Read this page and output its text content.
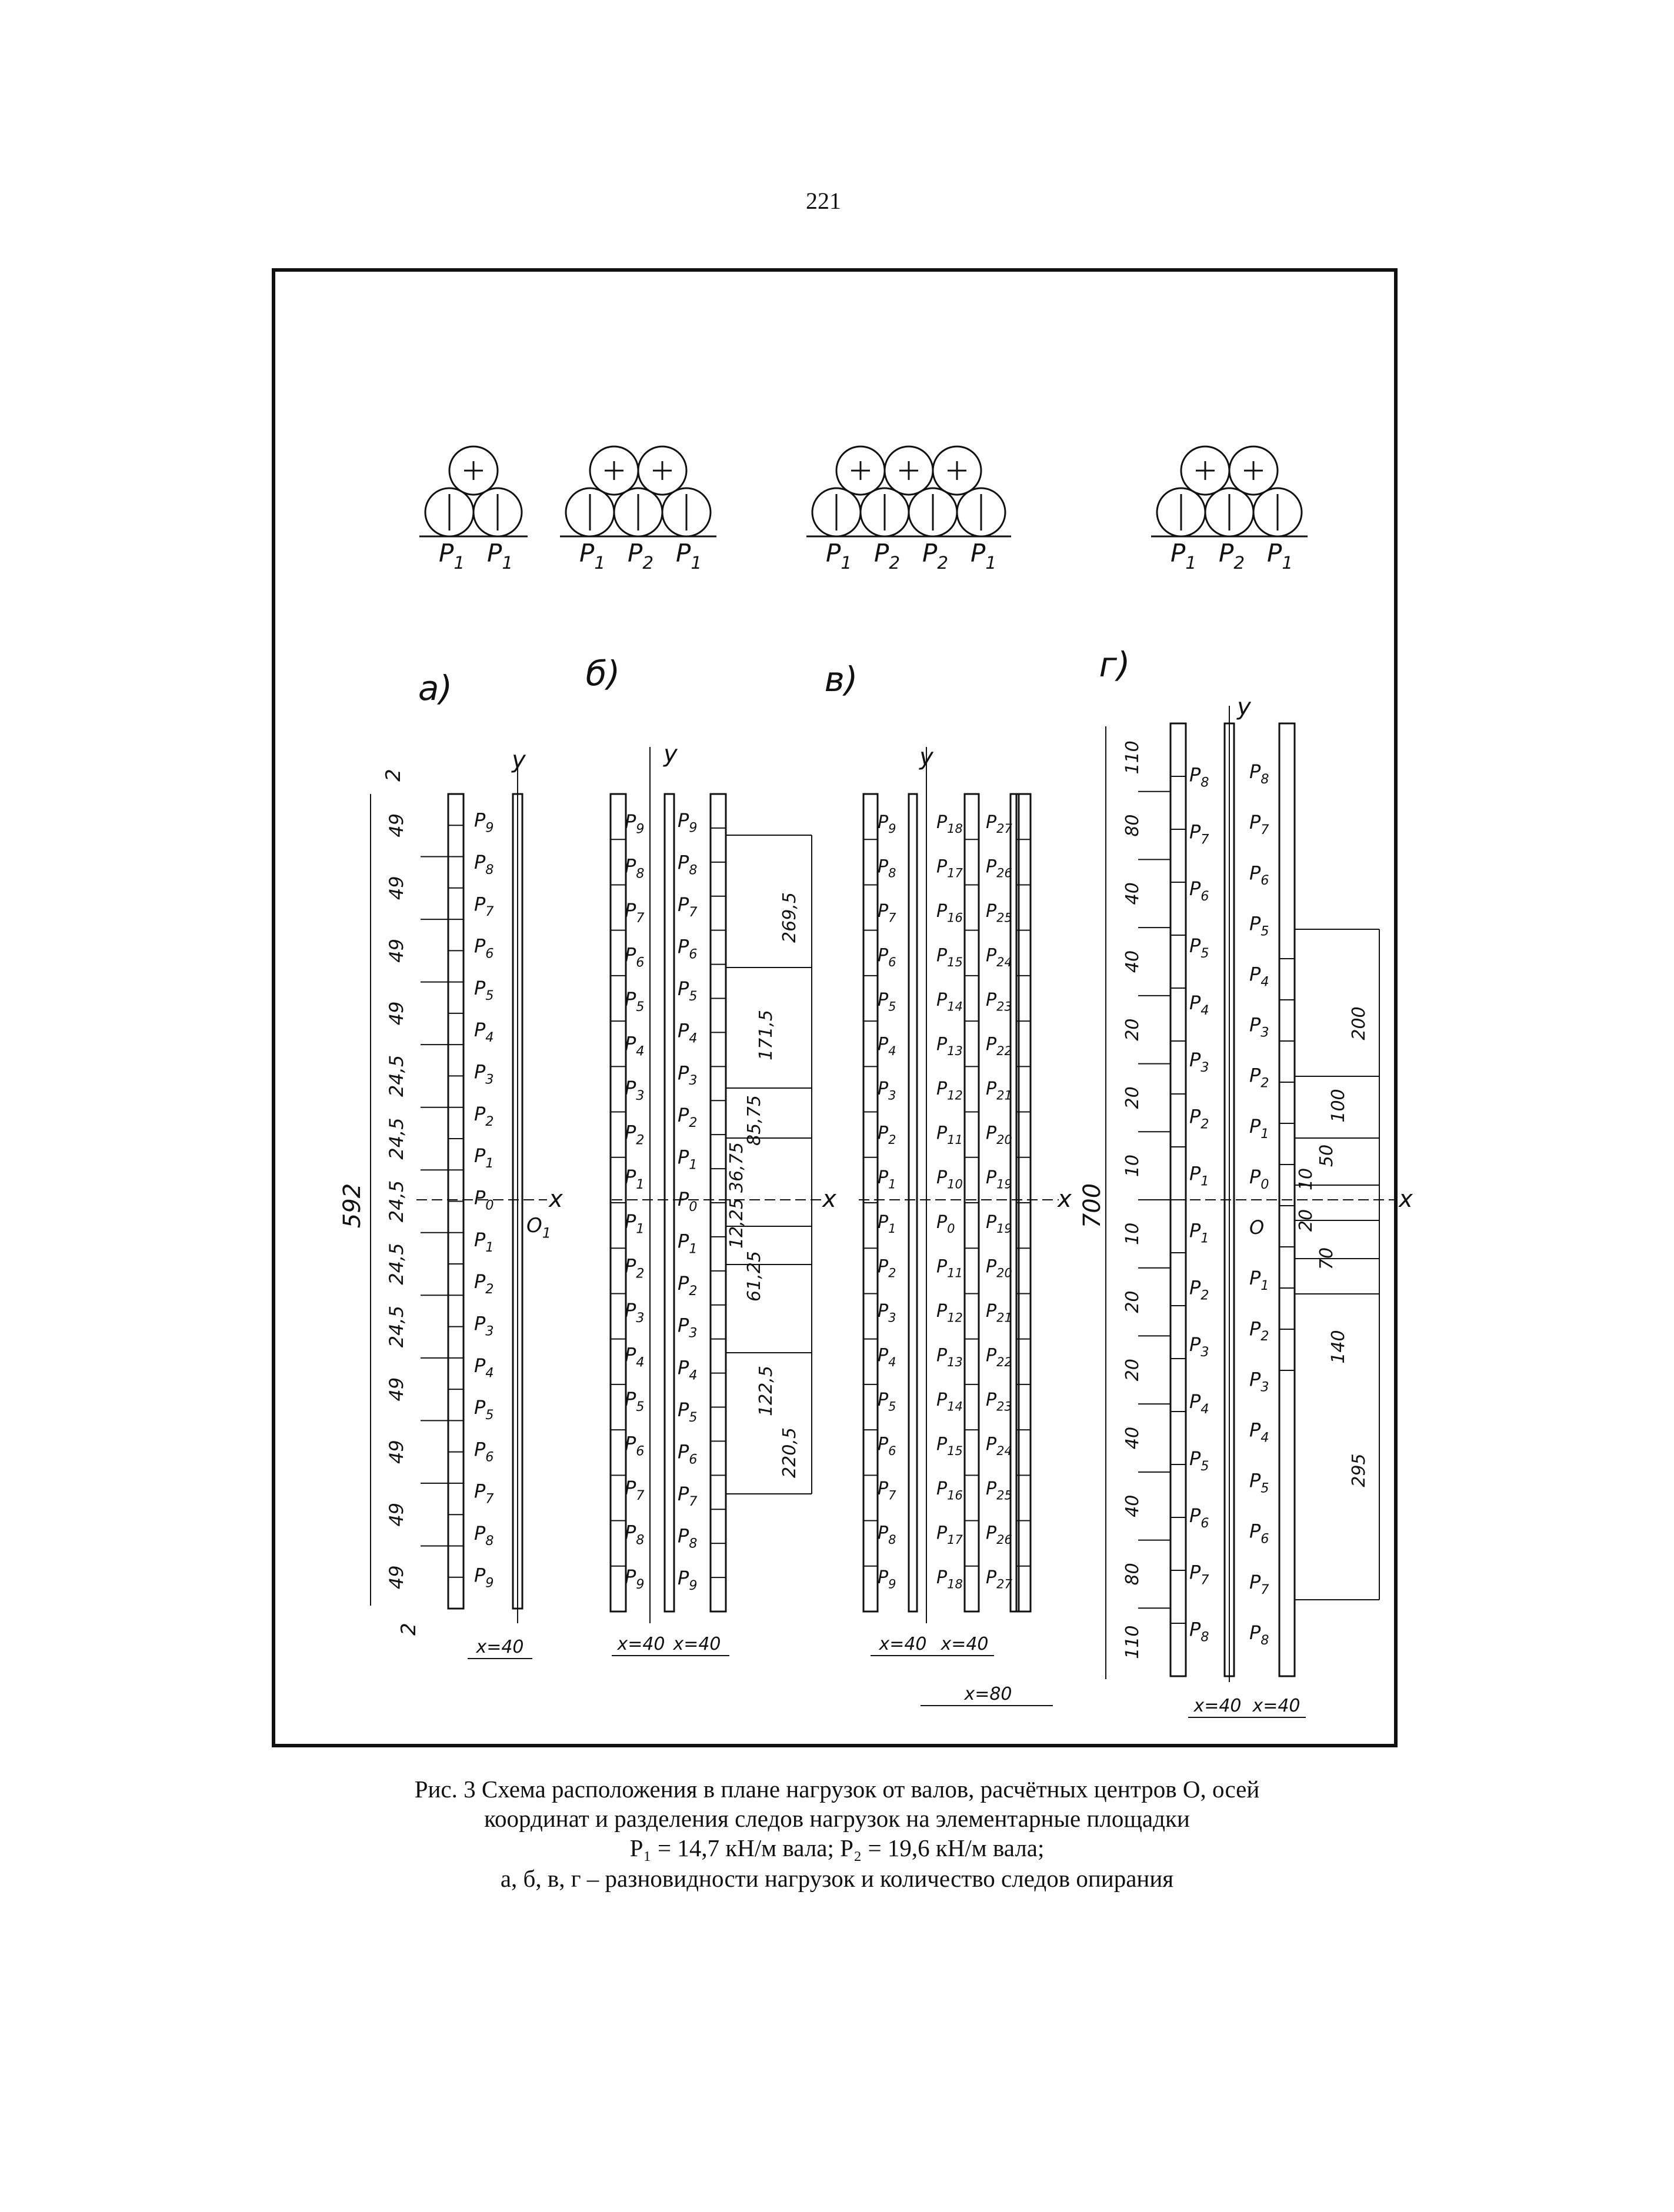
221
$P_1$ $P_1$	$P_1$ $P_2$ $P_1$	$P_1$ $P_2$ $P_2$ $P_1$	$P_1$ $P_2$ $P_1$
а)	б)	в)	г)
y
x
$P_9$
$P_8$
$P_7$
$P_6$
$P_5$
$P_4$
$P_3$
$P_2$
$P_1$
$P_0$
$P_1$
$P_2$
$P_3$
$P_4$
$P_5$
$P_6$
$P_7$
$P_8$
$P_9$
$O_1$
49
49
49
49
24,5
24,5
24,5
24,5
24,5
49
49
49
49
592
2
2
x=40
y
x
$P_9$
$P_8$
$P_7$
$P_6$
$P_5$
$P_4$
$P_3$
$P_2$
$P_1$
$P_1$
$P_2$
$P_3$
$P_4$
$P_5$
$P_6$
$P_7$
$P_8$
$P_9$
$P_9$
$P_8$
$P_7$
$P_6$
$P_5$
$P_4$
$P_3$
$P_2$
$P_1$
$P_0$
$P_1$
$P_2$
$P_3$
$P_4$
$P_5$
$P_6$
$P_7$
$P_8$
$P_9$
269,5
171,5
85,75
36,75
12,25
61,25
122,5
220,5
x=40 x=40
y
x
$P_9$
$P_8$
$P_7$
$P_6$
$P_5$
$P_4$
$P_3$
$P_2$
$P_1$
$P_1$
$P_2$
$P_3$
$P_4$
$P_5$
$P_6$
$P_7$
$P_8$
$P_9$
$P_{18}$
$P_{17}$
$P_{16}$
$P_{15}$
$P_{14}$
$P_{13}$
$P_{12}$
$P_{11}$
$P_{10}$
$P_0$
$P_{11}$
$P_{12}$
$P_{13}$
$P_{14}$
$P_{15}$
$P_{16}$
$P_{17}$
$P_{18}$
$P_{27}$
$P_{26}$
$P_{25}$
$P_{24}$
$P_{23}$
$P_{22}$
$P_{21}$
$P_{20}$
$P_{19}$
$P_{19}$
$P_{20}$
$P_{21}$
$P_{22}$
$P_{23}$
$P_{24}$
$P_{25}$
$P_{26}$
$P_{27}$
x=40 x=40
x=80
y
x
$P_8$
$P_7$
$P_6$
$P_5$
$P_4$
$P_3$
$P_2$
$P_1$
$P_1$
$P_2$
$P_3$
$P_4$
$P_5$
$P_6$
$P_7$
$P_8$
$P_8$
$P_7$
$P_6$
$P_5$
$P_4$
$P_3$
$P_2$
$P_1$
$P_0$
O
$P_1$
$P_2$
$P_3$
$P_4$
$P_5$
$P_6$
$P_7$
$P_8$
110
80
40
40
20
20
10
10
20
20
40
40
80
110
700
200
100
50
10
20
70
140
295
x=40 x=40
Рис. 3 Схема расположения в плане нагрузок от валов, расчётных центров О, осей
координат и разделения следов нагрузок на элементарные площадки
P₁ = 14,7 кН/м вала; P₂ = 19,6 кН/м вала;
а, б, в, г – разновидности нагрузок и количество следов опирания
